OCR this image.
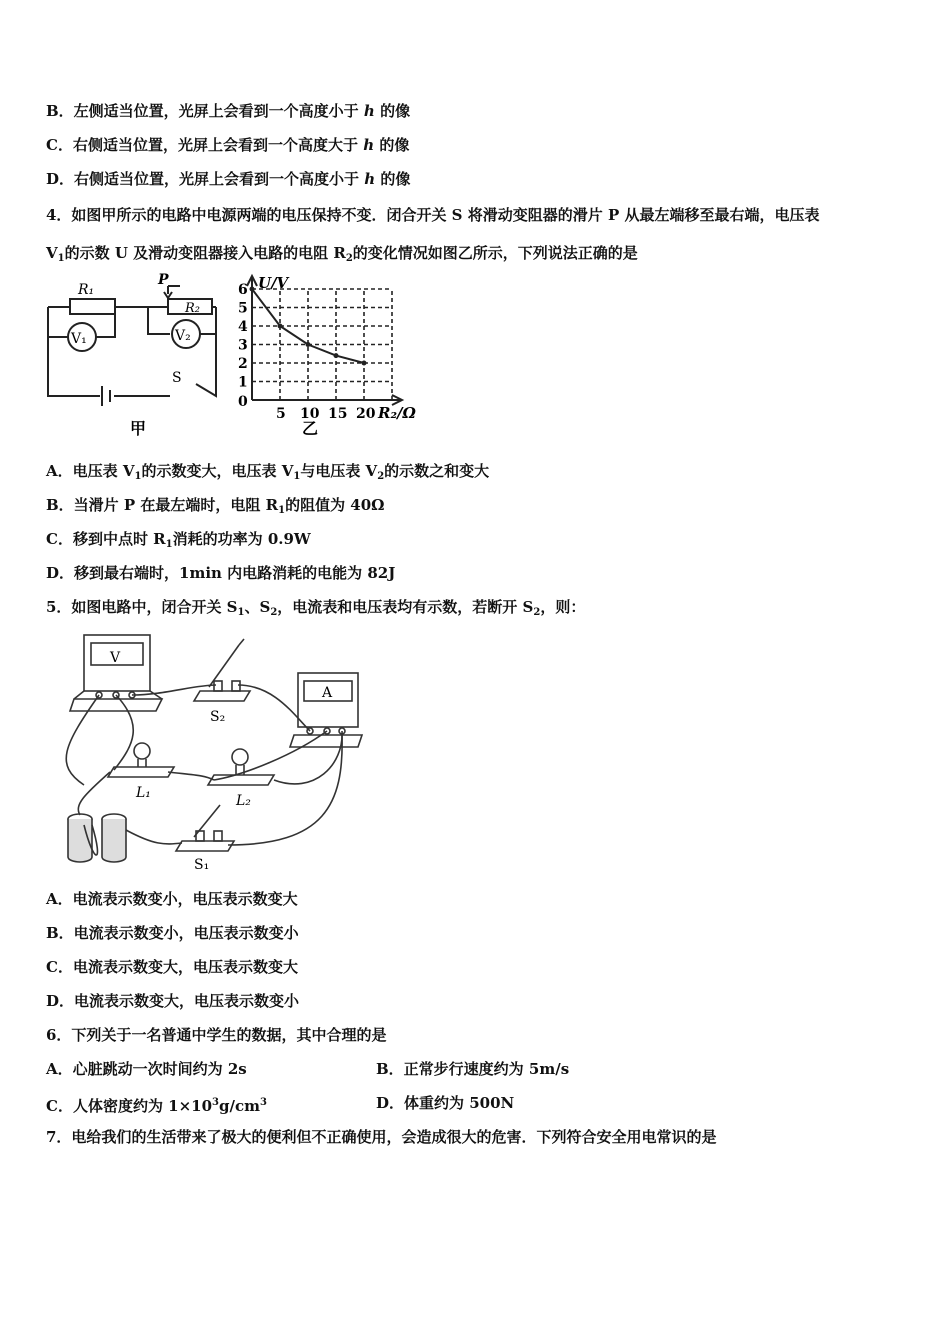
B．左侧适当位置，光屏上会看到一个高度小于 h 的像
C．右侧适当位置，光屏上会看到一个高度大于 h 的像
D．右侧适当位置，光屏上会看到一个高度小于 h 的像
4．如图甲所示的电路中电源两端的电压保持不变．闭合开关 S 将滑动变阻器的滑片 P 从最左端移至最右端，电压表
$V_1$的示数 U 及滑动变阻器接入电路的电阻 $R_2$的变化情况如图乙所示，下列说法正确的是
R₁
R₂
P
V₁	V₂
S
甲
1
2
3
4
5
6
5 10 15 20
U/V
R₂/Ω
0
乙
A．电压表 $V_1$的示数变大，电压表 $V_1$与电压表 $V_2$的示数之和变大
B．当滑片 P 在最左端时，电阻 $R_1$的阻值为 40Ω
C．移到中点时 $R_1$消耗的功率为 0.9W
D．移到最右端时，1min 内电路消耗的电能为 82J
5．如图电路中，闭合开关 $S_1$、$S_2$，电流表和电压表均有示数，若断开 $S_2$，则：
V
A
S₂
L₁	L₂
S₁
A．电流表示数变小，电压表示数变大
B．电流表示数变小，电压表示数变小
C．电流表示数变大，电压表示数变大
D．电流表示数变大，电压表示数变小
6．下列关于一名普通中学生的数据，其中合理的是
A．心脏跳动一次时间约为 2s	B．正常步行速度约为 5m/s
C．人体密度约为 $1\times 10^3g/cm^3$	D．体重约为 500N
7．电给我们的生活带来了极大的便利但不正确使用，会造成很大的危害．下列符合安全用电常识的是
